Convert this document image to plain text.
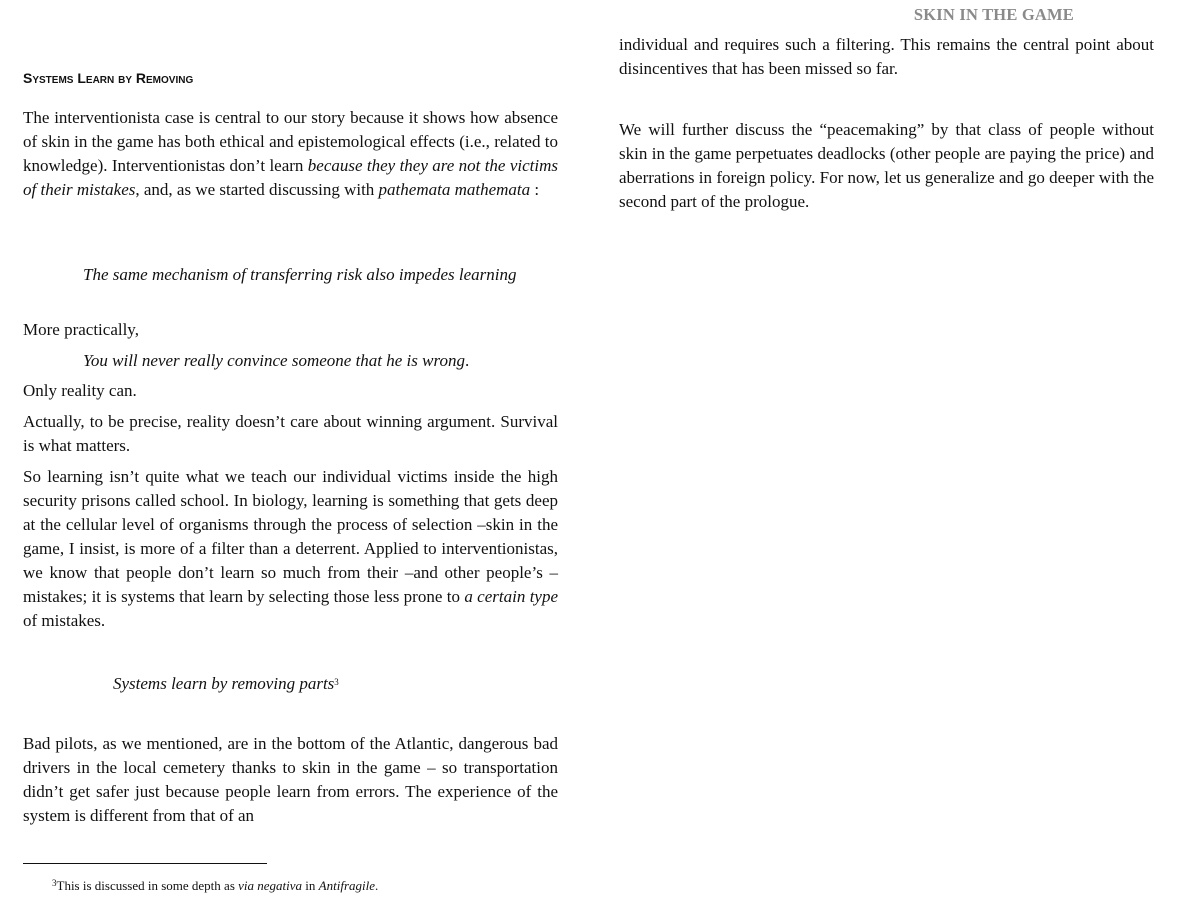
SKIN IN THE GAME
Systems Learn by Removing

The interventionista case is central to our story because it shows how absence of skin in the game has both ethical and epistemological effects (i.e., related to knowledge). Interventionistas don’t learn because they they are not the victims of their mistakes, and, as we started discussing with pathemata mathemata :

The same mechanism of transferring risk also impedes learning

More practically,

You will never really convince someone that he is wrong.

Only reality can.

Actually, to be precise, reality doesn’t care about winning argument. Survival is what matters.

So learning isn’t quite what we teach our individual victims inside the high security prisons called school. In biology, learning is something that gets deep at the cellular level of organisms through the process of selection –skin in the game, I insist, is more of a filter than a deterrent. Applied to interventionistas, we know that people don’t learn so much from their –and other people’s –mistakes; it is systems that learn by selecting those less prone to a certain type of mistakes.

Systems learn by removing parts$^3$

Bad pilots, as we mentioned, are in the bottom of the Atlantic, dangerous bad drivers in the local cemetery thanks to skin in the game – so transportation didn’t get safer just because people learn from errors. The experience of the system is different from that of an

individual and requires such a filtering. This remains the central point about disincentives that has been missed so far.

We will further discuss the “peacemaking” by that class of people without skin in the game perpetuates deadlocks (other people are paying the price) and aberrations in foreign policy. For now, let us generalize and go deeper with the second part of the prologue.

$^3$This is discussed in some depth as via negativa in Antifragile.
